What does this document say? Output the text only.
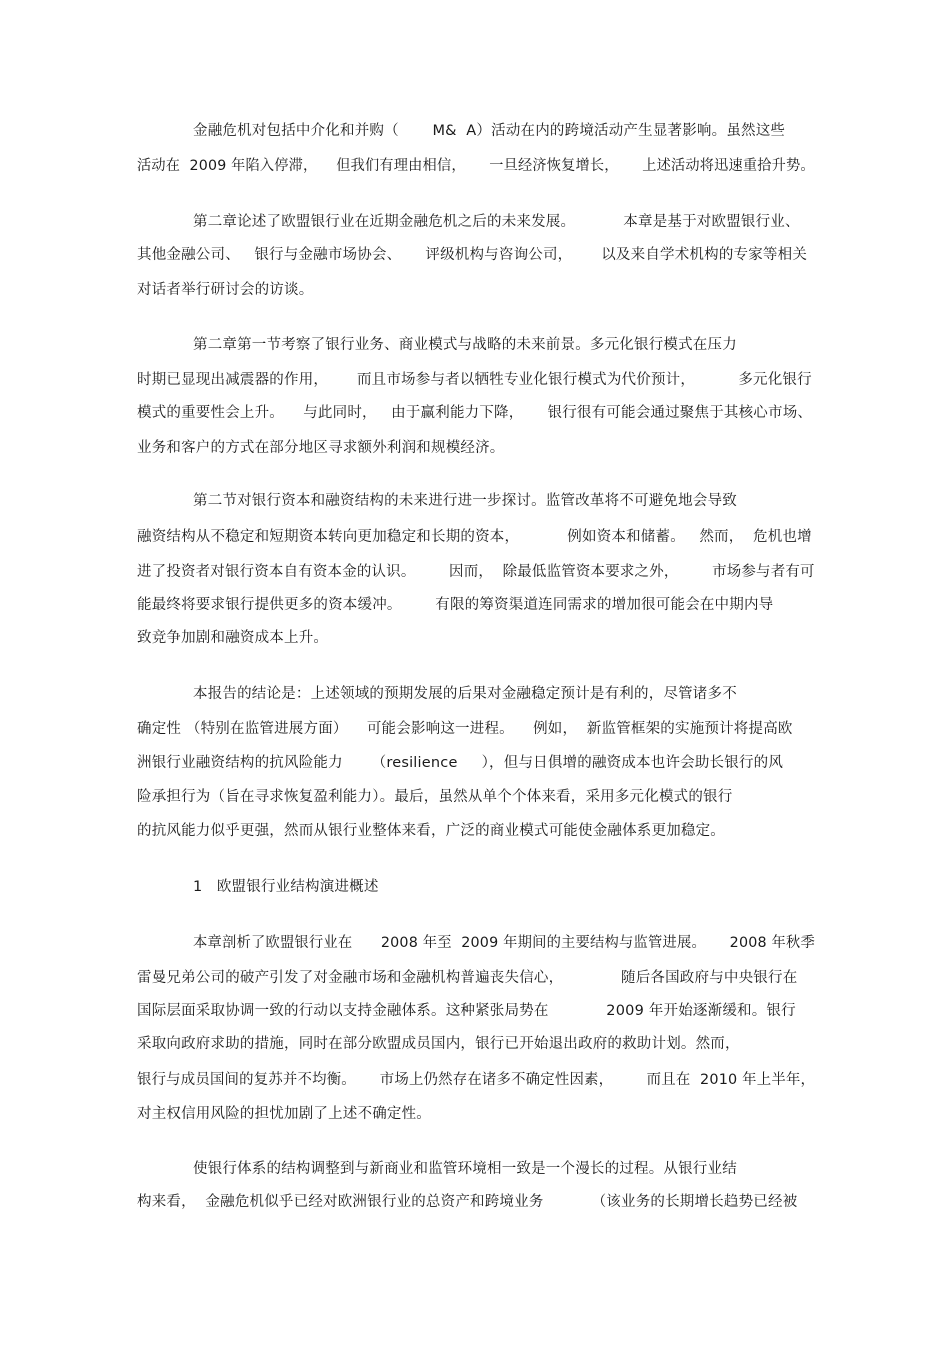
金融危机对包括中介化和并购（       M&  A）活动在内的跨境活动产生显著影响。虽然这些
活动在  2009 年陷入停滞，    但我们有理由相信，     一旦经济恢复增长，     上述活动将迅速重拾升势。
第二章论述了欧盟银行业在近期金融危机之后的未来发展。          本章是基于对欧盟银行业、
其他金融公司、   银行与金融市场协会、     评级机构与咨询公司，      以及来自学术机构的专家等相关
对话者举行研讨会的访谈。
第二章第一节考察了银行业务、商业模式与战略的未来前景。多元化银行模式在压力
时期已显现出减震器的作用，      而且市场参与者以牺牲专业化银行模式为代价预计，         多元化银行
模式的重要性会上升。    与此同时，   由于赢利能力下降，     银行很有可能会通过聚焦于其核心市场、
业务和客户的方式在部分地区寻求额外利润和规模经济。
第二节对银行资本和融资结构的未来进行进一步探讨。监管改革将不可避免地会导致
融资结构从不稳定和短期资本转向更加稳定和长期的资本，          例如资本和储蓄。   然而，  危机也增
进了投资者对银行资本自有资本金的认识。       因而，  除最低监管资本要求之外，       市场参与者有可
能最终将要求银行提供更多的资本缓冲。       有限的筹资渠道连同需求的增加很可能会在中期内导
致竞争加剧和融资成本上升。
本报告的结论是：上述领域的预期发展的后果对金融稳定预计是有利的，尽管诸多不
确定性 （特别在监管进展方面）    可能会影响这一进程。    例如，  新监管框架的实施预计将提高欧
洲银行业融资结构的抗风险能力      （resilience     ），但与日俱增的融资成本也许会助长银行的风
险承担行为（旨在寻求恢复盈利能力）。最后，虽然从单个个体来看，采用多元化模式的银行
的抗风能力似乎更强，然而从银行业整体来看，广泛的商业模式可能使金融体系更加稳定。
1   欧盟银行业结构演进概述
本章剖析了欧盟银行业在      2008 年至  2009 年期间的主要结构与监管进展。     2008 年秋季
雷曼兄弟公司的破产引发了对金融市场和金融机构普遍丧失信心，            随后各国政府与中央银行在
国际层面采取协调一致的行动以支持金融体系。这种紧张局势在            2009 年开始逐渐缓和。银行
采取向政府求助的措施，同时在部分欧盟成员国内，银行已开始退出政府的救助计划。然而，
银行与成员国间的复苏并不均衡。     市场上仍然存在诸多不确定性因素，       而且在  2010 年上半年，
对主权信用风险的担忧加剧了上述不确定性。
使银行体系的结构调整到与新商业和监管环境相一致是一个漫长的过程。从银行业结
构来看，  金融危机似乎已经对欧洲银行业的总资产和跨境业务          （该业务的长期增长趋势已经被
